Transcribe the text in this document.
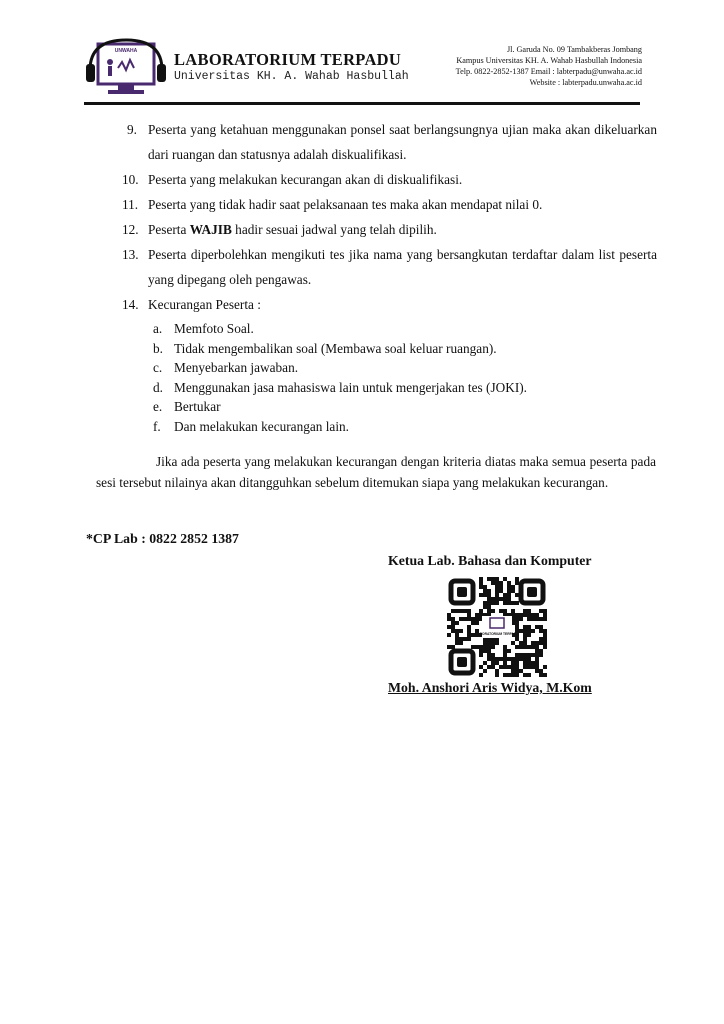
UNWAHA LABORATORIUM TERPADU
Universitas KH. A. Wahab Hasbullah
Jl. Garuda No. 09 Tambakberas Jombang
Kampus Universitas KH. A. Wahab Hasbullah Indonesia
Telp. 0822-2852-1387 Email : labterpadu@unwaha.ac.id
Website : labterpadu.unwaha.ac.id
9. Peserta yang ketahuan menggunakan ponsel saat berlangsungnya ujian maka akan dikeluarkan dari ruangan dan statusnya adalah diskualifikasi.
10. Peserta yang melakukan kecurangan akan di diskualifikasi.
11. Peserta yang tidak hadir saat pelaksanaan tes maka akan mendapat nilai 0.
12. Peserta WAJIB hadir sesuai jadwal yang telah dipilih.
13. Peserta diperbolehkan mengikuti tes jika nama yang bersangkutan terdaftar dalam list peserta yang dipegang oleh pengawas.
14. Kecurangan Peserta :
a. Memfoto Soal.
b. Tidak mengembalikan soal (Membawa soal keluar ruangan).
c. Menyebarkan jawaban.
d. Menggunakan jasa mahasiswa lain untuk mengerjakan tes (JOKI).
e. Bertukar
f. Dan melakukan kecurangan lain.
Jika ada peserta yang melakukan kecurangan dengan kriteria diatas maka semua peserta pada sesi tersebut nilainya akan ditangguhkan sebelum ditemukan siapa yang melakukan kecurangan.
*CP Lab : 0822 2852 1387
Ketua Lab. Bahasa dan Komputer
LABORATORIUM TERPADU
Moh. Anshori Aris Widya, M.Kom
